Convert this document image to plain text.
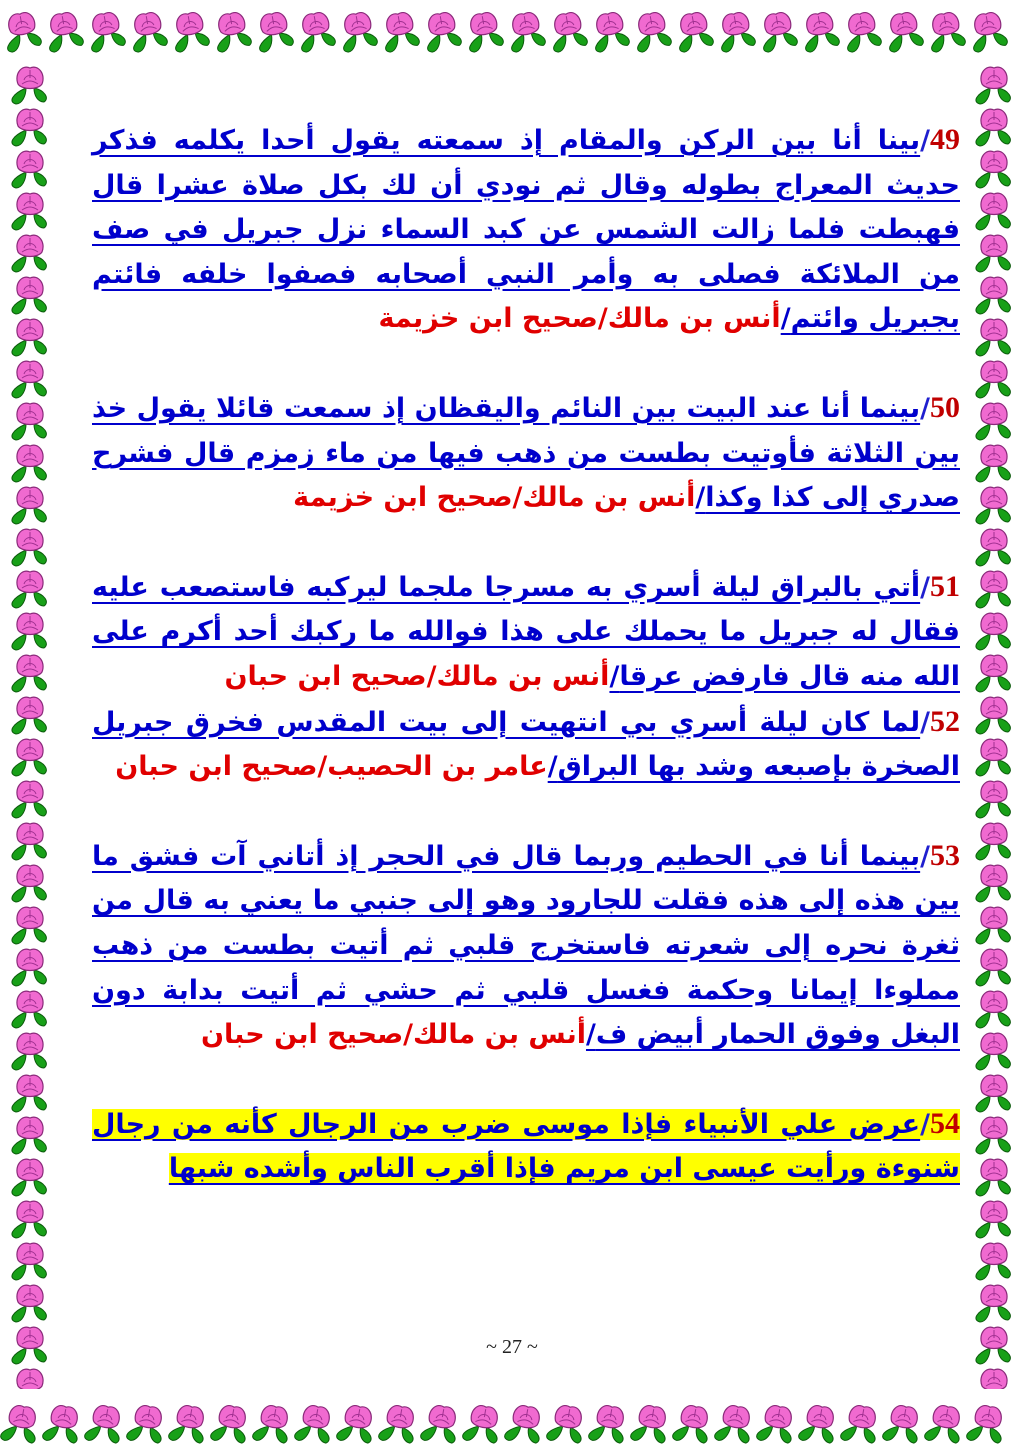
49/بينا أنا بين الركن والمقام إذ سمعته يقول أحدا يكلمه فذكر حديث المعراج بطوله وقال ثم نودي أن لك بكل صلاة عشرا قال فهبطت فلما زالت الشمس عن كبد السماء نزل جبريل في صف من الملائكة فصلى به وأمر النبي أصحابه فصفوا خلفه فائتم بجبريل وائتم/أنس بن مالك/صحيح ابن خزيمة

50/بينما أنا عند البيت بين النائم واليقظان إذ سمعت قائلا يقول خذ بين الثلاثة فأوتيت بطست من ذهب فيها من ماء زمزم قال فشرح صدري إلى كذا وكذا/أنس بن مالك/صحيح ابن خزيمة

51/أتي بالبراق ليلة أسري به مسرجا ملجما ليركبه فاستصعب عليه فقال له جبريل ما يحملك على هذا فوالله ما ركبك أحد أكرم على الله منه قال فارفض عرقا/أنس بن مالك/صحيح ابن حبان

52/لما كان ليلة أسري بي انتهيت إلى بيت المقدس فخرق جبريل الصخرة بإصبعه وشد بها البراق/عامر بن الحصيب/صحيح ابن حبان

53/بينما أنا في الحطيم وربما قال في الحجر إذ أتاني آت فشق ما بين هذه إلى هذه فقلت للجارود وهو إلى جنبي ما يعني به قال من ثغرة نحره إلى شعرته فاستخرج قلبي ثم أتيت بطست من ذهب مملوءا إيمانا وحكمة فغسل قلبي ثم حشي ثم أتيت بدابة دون البغل وفوق الحمار أبيض ف/أنس بن مالك/صحيح ابن حبان

54/عرض علي الأنبياء فإذا موسى ضرب من الرجال كأنه من رجال شنوءة ورأيت عيسى ابن مريم فإذا أقرب الناس وأشده شبها

~ 27 ~
